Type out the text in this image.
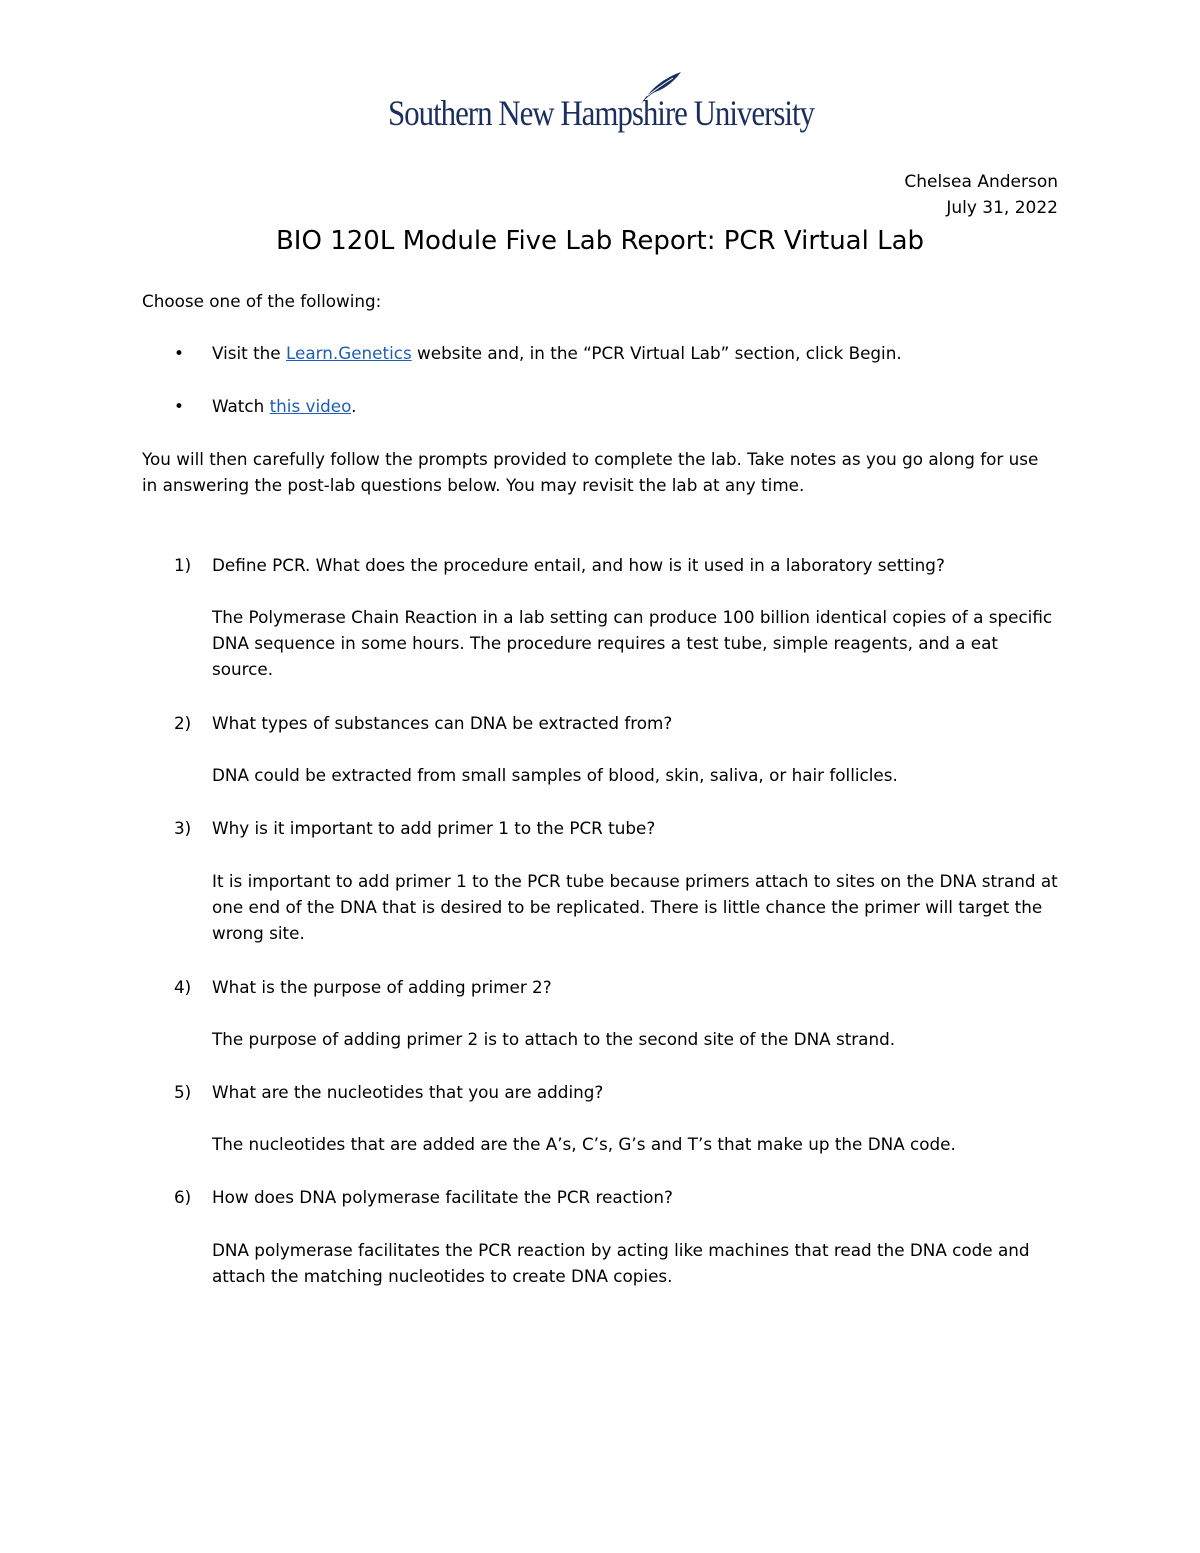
Southern New Hampshire University
Chelsea Anderson
July 31, 2022
BIO 120L Module Five Lab Report: PCR Virtual Lab
Choose one of the following:
• Visit the Learn.Genetics website and, in the “PCR Virtual Lab” section, click Begin.
• Watch this video.
You will then carefully follow the prompts provided to complete the lab. Take notes as you go along for use in answering the post-lab questions below. You may revisit the lab at any time.
1) Define PCR. What does the procedure entail, and how is it used in a laboratory setting?
The Polymerase Chain Reaction in a lab setting can produce 100 billion identical copies of a specific DNA sequence in some hours. The procedure requires a test tube, simple reagents, and a eat source.
2) What types of substances can DNA be extracted from?
DNA could be extracted from small samples of blood, skin, saliva, or hair follicles.
3) Why is it important to add primer 1 to the PCR tube?
It is important to add primer 1 to the PCR tube because primers attach to sites on the DNA strand at one end of the DNA that is desired to be replicated. There is little chance the primer will target the wrong site.
4) What is the purpose of adding primer 2?
The purpose of adding primer 2 is to attach to the second site of the DNA strand.
5) What are the nucleotides that you are adding?
The nucleotides that are added are the A’s, C’s, G’s and T’s that make up the DNA code.
6) How does DNA polymerase facilitate the PCR reaction?
DNA polymerase facilitates the PCR reaction by acting like machines that read the DNA code and attach the matching nucleotides to create DNA copies.
